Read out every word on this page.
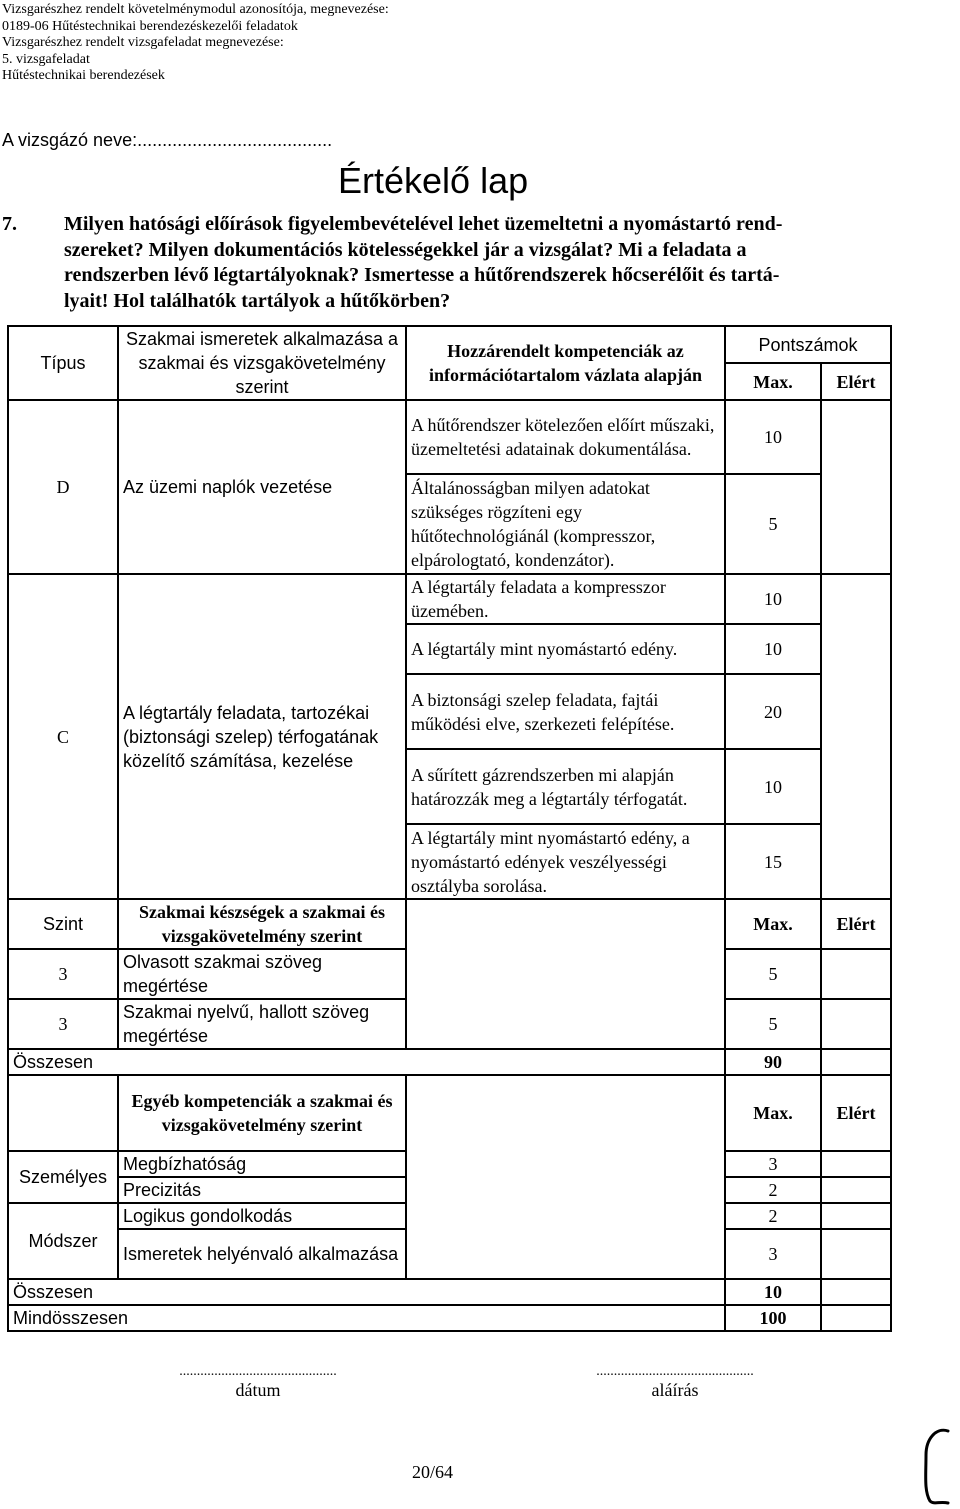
Vizsgarészhez rendelt követelménymodul azonosítója, megnevezése:
0189-06 Hűtéstechnikai berendezéskezelői feladatok
Vizsgarészhez rendelt vizsgafeladat megnevezése:
5. vizsgafeladat
Hűtéstechnikai berendezések
A vizsgázó neve:.......................................
Értékelő lap
7. Milyen hatósági előírások figyelembevételével lehet üzemeltetni a nyomástartó rend-
szereket? Milyen dokumentációs kötelességekkel jár a vizsgálat? Mi a feladata a
rendszerben lévő légtartályoknak? Ismertesse a hűtőrendszerek hőcserélőit és tartá-
lyait! Hol találhatók tartályok a hűtőkörben?
Típus	Szakmai ismeretek alkalmazása a szakmai és vizsgakövetelmény szerint	Hozzárendelt kompetenciák az információtartalom vázlata alapján	Pontszámok	
			Max.	Elért
D	Az üzemi naplók vezetése	A hűtőrendszer kötelezően előírt műszaki, üzemeltetési adatainak dokumentálása.	10	
		Általánosságban milyen adatokat szükséges rögzíteni egy hűtőtechnológiánál (kompresszor, elpárologtató, kondenzátor).	5	
C	A légtartály feladata, tartozékai (biztonsági szelep) térfogatának közelítő számítása, kezelése	A légtartály feladata a kompresszor üzemében.	10	
		A légtartály mint nyomástartó edény.	10	
		A biztonsági szelep feladata, fajtái működési elve, szerkezeti felépítése.	20	
		A sűrített gázrendszerben mi alapján határozzák meg a légtartály térfogatát.	10	
		A légtartály mint nyomástartó edény, a nyomástartó edények veszélyességi osztályba sorolása.	15	
Szint	Szakmai készségek a szakmai és vizsgakövetelmény szerint		Max.	Elért
3	Olvasott szakmai szöveg megértése		5	
3	Szakmai nyelvű, hallott szöveg megértése		5	
Összesen			90	
	Egyéb kompetenciák a szakmai és vizsgakövetelmény szerint		Max.	Elért
Személyes	Megbízhatóság		3	
	Precizitás		2	
Módszer	Logikus gondolkodás		2	
	Ismeretek helyénvaló alkalmazása		3	
Összesen			10	
Mindösszesen			100	
.............................................
dátum
.............................................
aláírás
20/64
